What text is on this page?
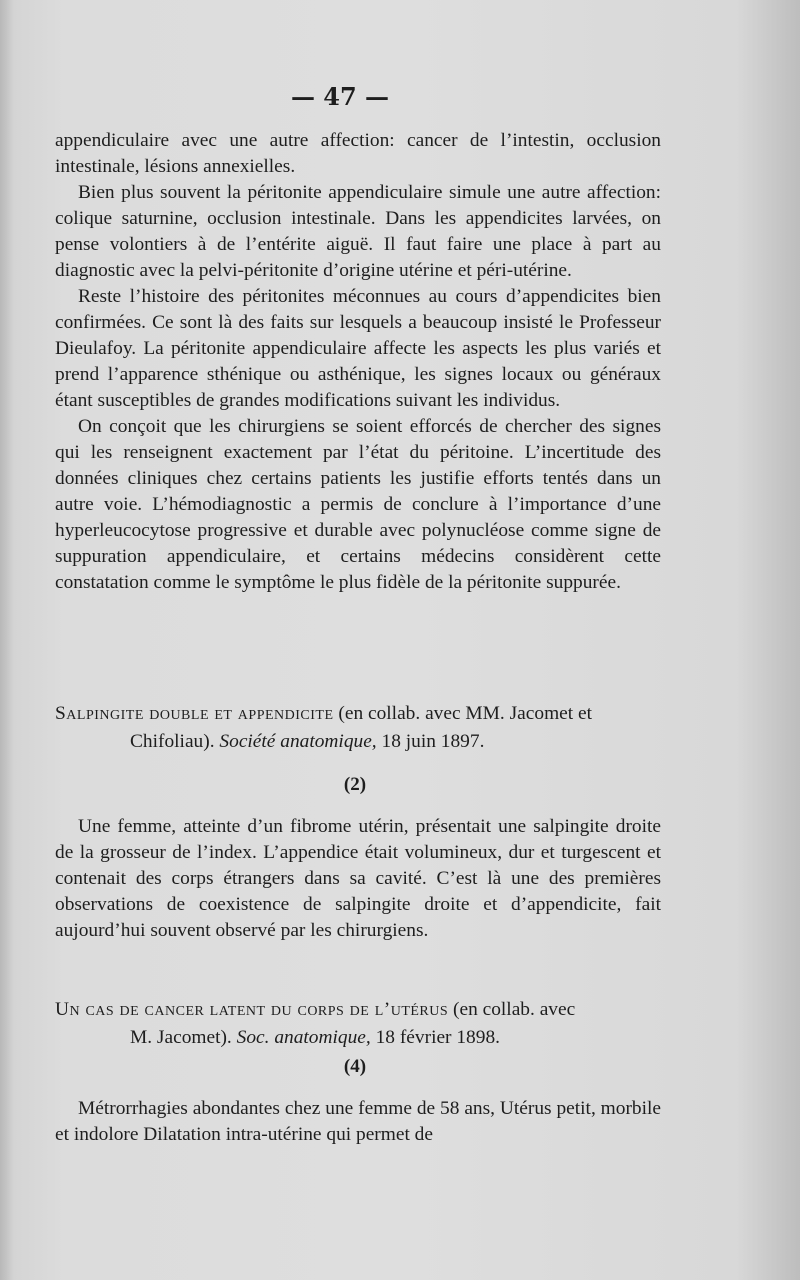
— 47 —

appendiculaire avec une autre affection: cancer de l’intestin, occlusion intestinale, lésions annexielles.

Bien plus souvent la péritonite appendiculaire simule une autre affection: colique saturnine, occlusion intestinale. Dans les appendicites larvées, on pense volontiers à de l’entérite aiguë. Il faut faire une place à part au diagnostic avec la pelvi-péritonite d’origine utérine et péri-utérine.

Reste l’histoire des péritonites méconnues au cours d’appendicites bien confirmées. Ce sont là des faits sur lesquels a beaucoup insisté le Professeur Dieulafoy. La péritonite appendiculaire affecte les aspects les plus variés et prend l’apparence sthénique ou asthénique, les signes locaux ou généraux étant susceptibles de grandes modifications suivant les individus.

On conçoit que les chirurgiens se soient efforcés de chercher des signes qui les renseignent exactement par l’état du péritoine. L’incertitude des données cliniques chez certains patients les justifie efforts tentés dans un autre voie. L’hémodiagnostic a permis de conclure à l’importance d’une hyperleucocytose progressive et durable avec polynucléose comme signe de suppuration appendiculaire, et certains médecins considèrent cette constatation comme le symptôme le plus fidèle de la péritonite suppurée.

Salpingite double et appendicite (en collab. avec MM. Jacomet et
Chifoliau). Société anatomique, 18 juin 1897.

(2)

Une femme, atteinte d’un fibrome utérin, présentait une salpingite droite de la grosseur de l’index. L’appendice était volumineux, dur et turgescent et contenait des corps étrangers dans sa cavité. C’est là une des premières observations de coexistence de salpingite droite et d’appendicite, fait aujourd’hui souvent observé par les chirurgiens.

Un cas de cancer latent du corps de l’utérus (en collab. avec
M. Jacomet). Soc. anatomique, 18 février 1898.

(4)

Métrorrhagies abondantes chez une femme de 58 ans, Utérus petit, morbile et indolore Dilatation intra-utérine qui permet de
